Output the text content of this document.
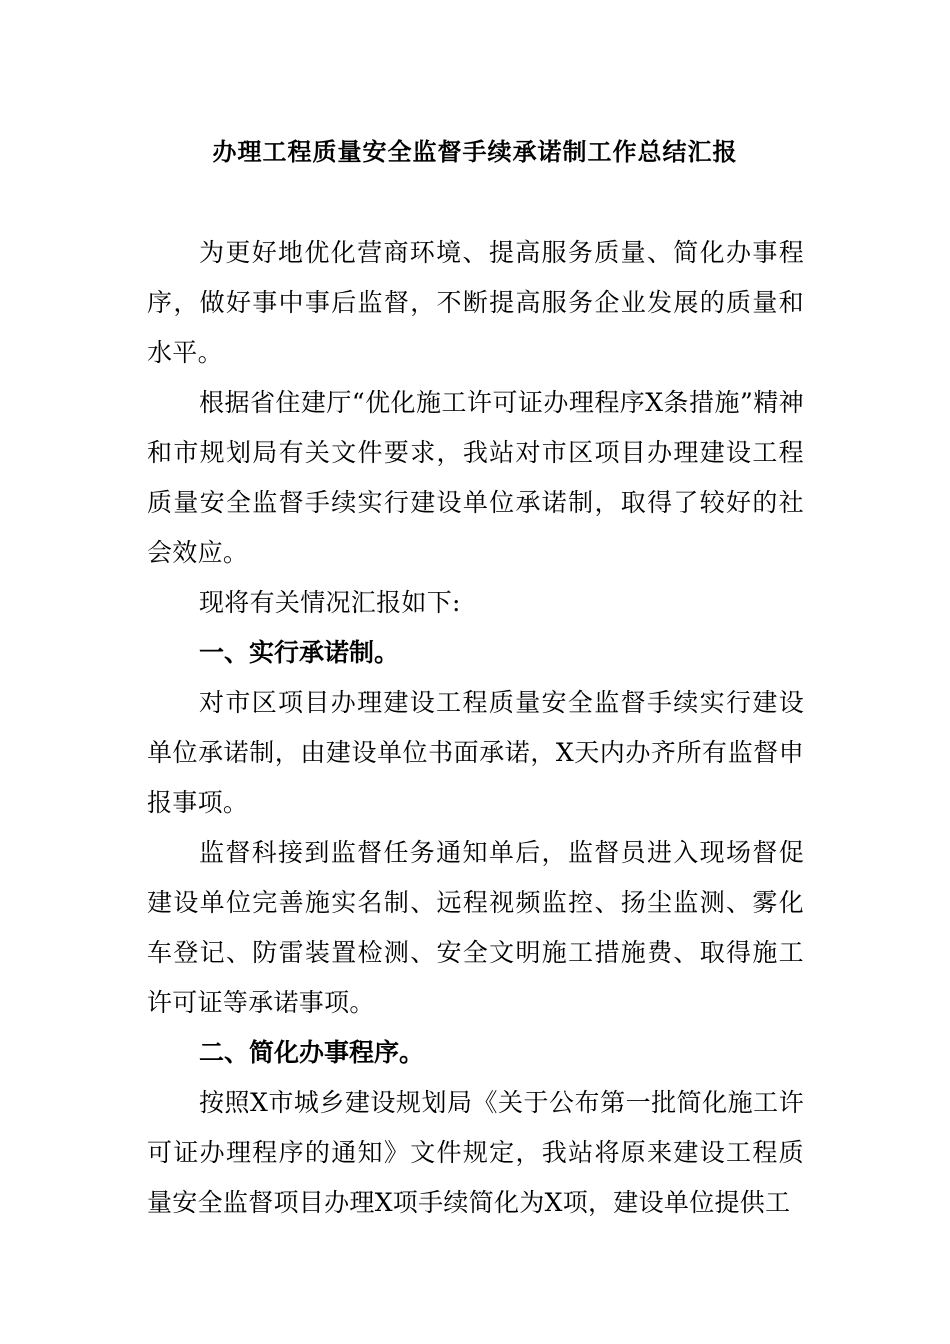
办理工程质量安全监督手续承诺制工作总结汇报

为更好地优化营商环境、提高服务质量、简化办事程序，做好事中事后监督，不断提高服务企业发展的质量和水平。

根据省住建厅“优化施工许可证办理程序X条措施”精神和市规划局有关文件要求，我站对市区项目办理建设工程质量安全监督手续实行建设单位承诺制，取得了较好的社会效应。

现将有关情况汇报如下:

一、实行承诺制。

对市区项目办理建设工程质量安全监督手续实行建设单位承诺制，由建设单位书面承诺，X天内办齐所有监督申报事项。

监督科接到监督任务通知单后，监督员进入现场督促建设单位完善施实名制、远程视频监控、扬尘监测、雾化车登记、防雷装置检测、安全文明施工措施费、取得施工许可证等承诺事项。

二、简化办事程序。

按照X市城乡建设规划局《关于公布第一批简化施工许可证办理程序的通知》文件规定，我站将原来建设工程质量安全监督项目办理X项手续简化为X项，建设单位提供工
